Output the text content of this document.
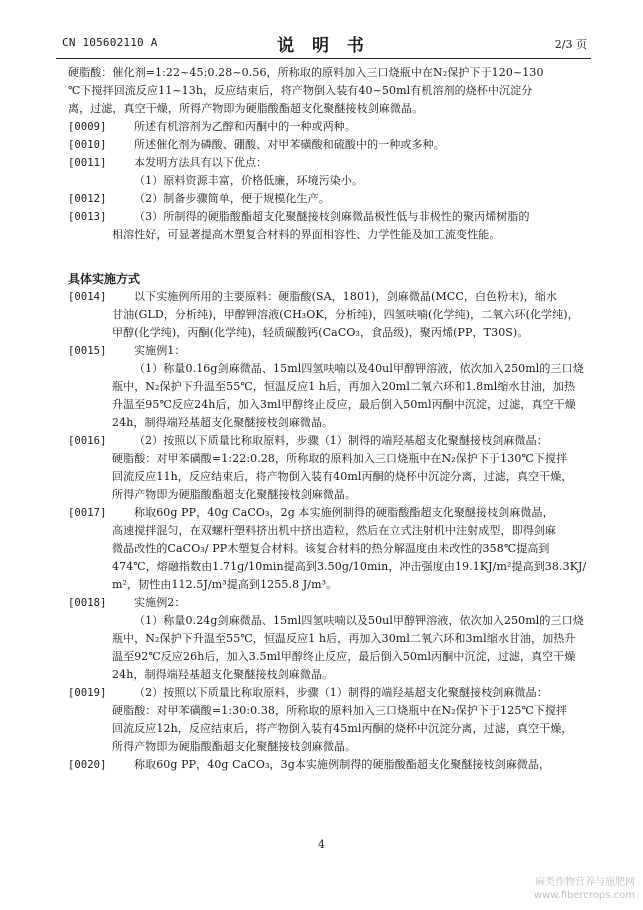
CN 105602110 A	说 明 书	2/3 页
硬脂酸：催化剂=1:22~45:0.28~0.56，所称取的原料加入三口烧瓶中在N₂保护下于120~130
℃下搅拌回流反应11~13h，反应结束后，将产物倒入装有40~50ml有机溶剂的烧杯中沉淀分
离，过滤，真空干燥，所得产物即为硬脂酸酯超支化聚醚接枝剑麻微晶。
[0009]	所述有机溶剂为乙醇和丙酮中的一种或两种。
[0010]	所述催化剂为磷酸、硼酸、对甲苯磺酸和硫酸中的一种或多种。
[0011]	本发明方法具有以下优点：
（1）原料资源丰富，价格低廉，环境污染小。
[0012]	（2）制备步骤简单，便于规模化生产。
[0013]	（3）所制得的硬脂酸酯超支化聚醚接枝剑麻微晶极性低与非极性的聚丙烯树脂的
相溶性好，可显著提高木塑复合材料的界面相容性、力学性能及加工流变性能。
具体实施方式
[0014]	以下实施例所用的主要原料：硬脂酸(SA，1801)，剑麻微晶(MCC，白色粉末)，缩水
甘油(GLD，分析纯)，甲醇钾溶液(CH₃OK，分析纯)，四氢呋喃(化学纯)，二氧六环(化学纯)，
甲醇(化学纯)，丙酮(化学纯)，轻质碳酸钙(CaCO₃，食品级)，聚丙烯(PP，T30S)。
[0015]	实施例1：
（1）称量0.16g剑麻微晶、15ml四氢呋喃以及40ul甲醇钾溶液，依次加入250ml的三口烧
瓶中，N₂保护下升温至55℃，恒温反应1 h后，再加入20ml二氧六环和1.8ml缩水甘油，加热
升温至95℃反应24h后，加入3ml甲醇终止反应，最后倒入50ml丙酮中沉淀，过滤，真空干燥
24h，制得端羟基超支化聚醚接枝剑麻微晶。
[0016]	（2）按照以下质量比称取原料，步骤（1）制得的端羟基超支化聚醚接枝剑麻微晶：
硬脂酸：对甲苯磺酸=1:22:0.28，所称取的原料加入三口烧瓶中在N₂保护下于130℃下搅拌
回流反应11h，反应结束后，将产物倒入装有40ml丙酮的烧杯中沉淀分离，过滤，真空干燥，
所得产物即为硬脂酸酯超支化聚醚接枝剑麻微晶。
[0017]	称取60g PP，40g CaCO₃，2g 本实施例制得的硬脂酸酯超支化聚醚接枝剑麻微晶，
高速搅拌混匀，在双螺杆塑料挤出机中挤出造粒，然后在立式注射机中注射成型，即得剑麻
微晶改性的CaCO₃/ PP木塑复合材料。该复合材料的热分解温度由未改性的358℃提高到
474℃，熔融指数由1.71g/10min提高到3.50g/10min，冲击强度由19.1KJ/m²提高到38.3KJ/
m²，韧性由112.5J/m³提高到1255.8 J/m³。
[0018]	实施例2：
（1）称量0.24g剑麻微晶、15ml四氢呋喃以及50ul甲醇钾溶液，依次加入250ml的三口烧
瓶中，N₂保护下升温至55℃，恒温反应1 h后，再加入30ml二氧六环和3ml缩水甘油，加热升
温至92℃反应26h后，加入3.5ml甲醇终止反应，最后倒入50ml丙酮中沉淀，过滤，真空干燥
24h，制得端羟基超支化聚醚接枝剑麻微晶。
[0019]	（2）按照以下质量比称取原料，步骤（1）制得的端羟基超支化聚醚接枝剑麻微晶：
硬脂酸：对甲苯磺酸=1:30:0.38，所称取的原料加入三口烧瓶中在N₂保护下于125℃下搅拌
回流反应12h，反应结束后，将产物倒入装有45ml丙酮的烧杯中沉淀分离，过滤，真空干燥，
所得产物即为硬脂酸酯超支化聚醚接枝剑麻微晶。
[0020]	称取60g PP，40g CaCO₃，3g本实施例制得的硬脂酸酯超支化聚醚接枝剑麻微晶，
4
麻类作物营养与施肥网
www.fibercrops.com
